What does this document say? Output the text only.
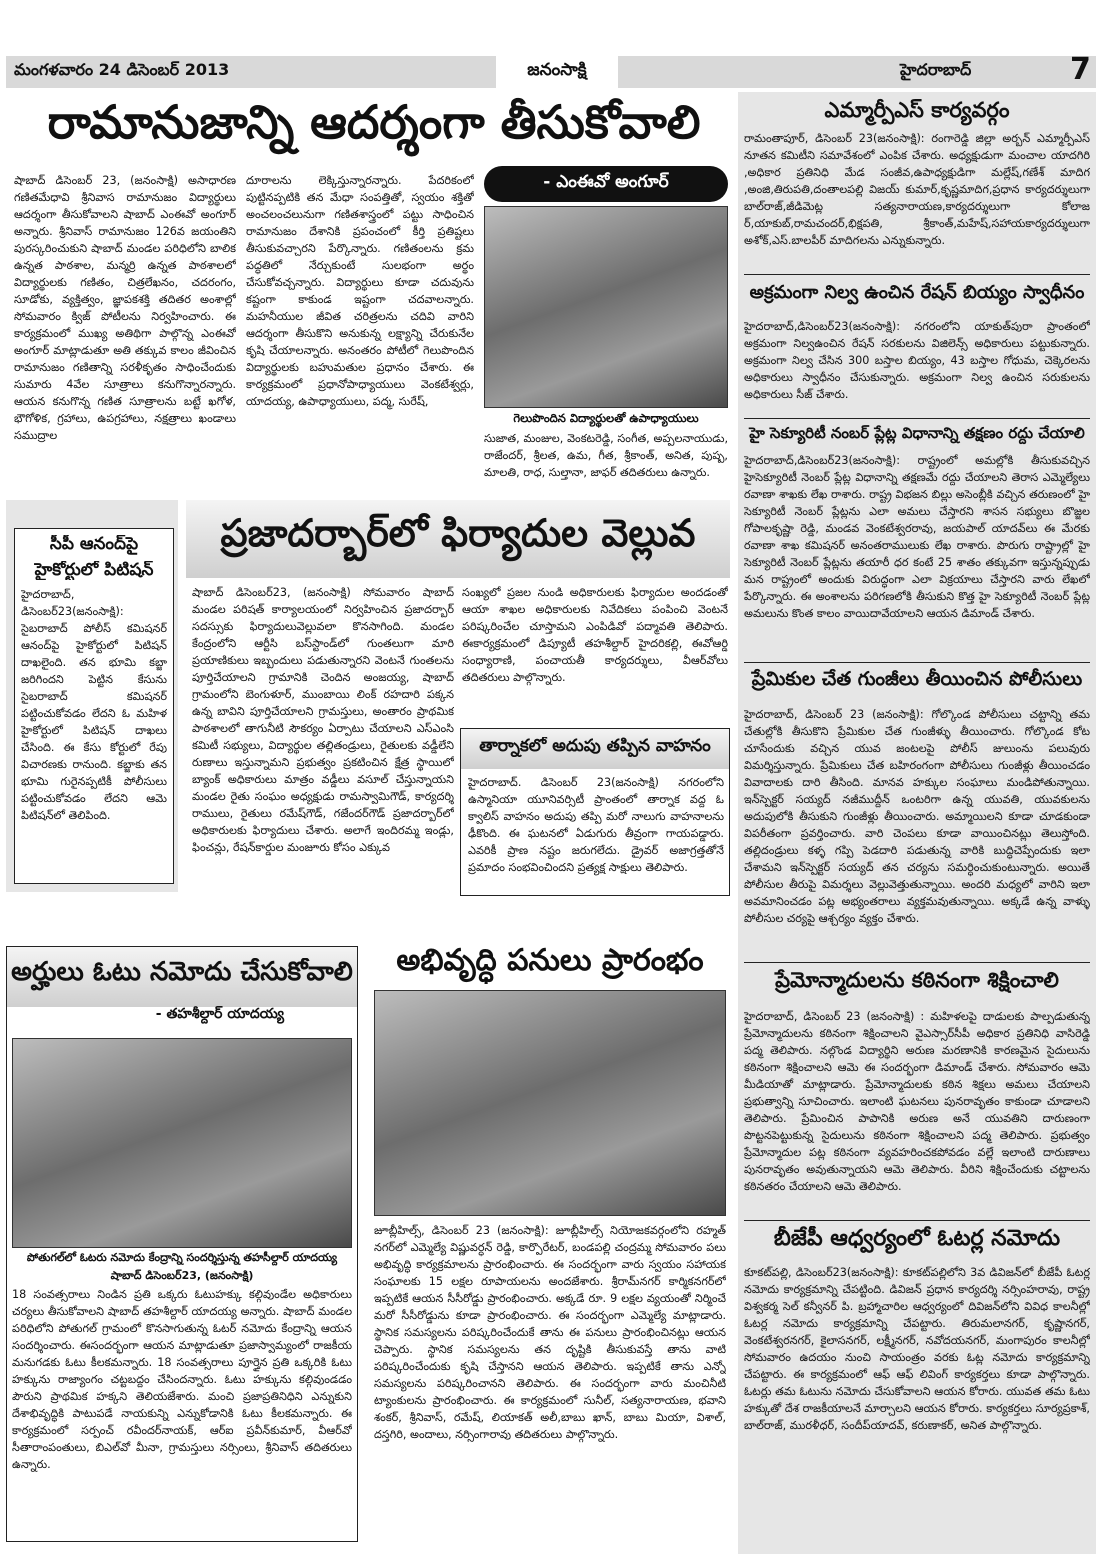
మంగళవారం 24 డిసెంబర్ 2013	జనంసాక్షి	హైదరాబాద్	7
రామానుజాన్ని ఆదర్శంగా తీసుకోవాలి
- ఎంఈవో అంగూర్
షాబాద్ డిసెంబర్ 23, (జనంసాక్షి) అసాధారణ గణితమేధావి శ్రీనివాస రామానుజం విద్యార్థులు ఆదర్శంగా తీసుకోవాలని షాబాద్ ఎంఈవో అంగూర్ అన్నారు. శ్రీనివాస్ రామానుజం 126వ జయంతిని పురస్కరించుకుని షాబాద్ మండల పరిధిలోని బాలిక ఉన్నత పాఠశాల, మన్మర్రి ఉన్నత పాఠశాలలో విద్యార్థులకు గణితం, చిత్రలేఖనం, చదరంగం, సూడోకు, వ్యక్తిత్వం, జ్ఞాపకశక్తి తదితర అంశాల్లో సోమవారం క్విజ్ పోటీలను నిర్వహించారు. ఈ కార్యక్రమంలో ముఖ్య అతిథిగా పాల్గొన్న ఎంఈవో అంగూర్ మాట్లాడుతూ అతి తక్కువ కాలం జీవించిన రామానుజం గణితాన్ని సరళీకృతం సాధించేందుకు సుమారు 4వేల సూత్రాలు కనుగొన్నారన్నారు. ఆయన కనుగొన్న గణిత సూత్రాలను బట్టే ఖగోళ, భౌగోళిక, గ్రహాలు, ఉపగ్రహాలు, నక్షత్రాలు ఖండాలు సముద్రాల
దూరాలను లెక్కిస్తున్నారన్నారు. పేదరికంలో పుట్టినప్పటికి తన మేధా సంపత్తితో, స్వయం శక్తితో అంచలంచలునుగా గణితశాస్త్రంలో పట్టు సాధించిన రామానుజం దేశానికి ప్రపంచంలో కీర్తి ప్రతిష్టలు తీసుకువచ్చారని పేర్కొన్నారు. గణితంలను క్రమ పద్ధతిలో నేర్చుకుంటే సులభంగా అర్థం చేసుకోవచ్చన్నారు. విద్యార్థులు కూడా చదువును కష్టంగా కాకుండ ఇష్టంగా చదవాలన్నారు. మహనీయుల జీవిత చరిత్రలను చదివి వారిని ఆదర్శంగా తీసుకొని అనుకున్న లక్ష్యాన్ని చేరుకునేల కృషి చేయాలన్నారు. అనంతరం పోటీలో గెలుపొందిన విద్యార్థులకు బహుమతుల ప్రధానం చేశారు. ఈ కార్యక్రమంలో ప్రధానోపాధ్యాయులు వెంకటేశ్వర్లు, యాదయ్య, ఉపాధ్యాయులు, పద్మ, సురేష్,
గెలుపొందిన విద్యార్థులతో ఉపాధ్యాయులు
సుజాత, మంజుల, వెంకటరెడ్డి, సంగీత, అప్పలనాయుడు, రాజేందర్, శ్రీలత, ఉమ, గీత, శ్రీకాంత్, అనిత, పుష్ప, మాలతి, రాధ, సుల్తానా, జాఫర్ తదితరులు ఉన్నారు.
సీపీ ఆనంద్‌పై
హైకోర్టులో పిటిషన్
హైదరాబాద్, డిసెంబర్23(జనంసాక్షి): సైబరాబాద్ పోలీస్ కమిషనర్ ఆనంద్‌పై హైకోర్టులో పిటిషన్ దాఖలైంది. తన భూమి కబ్జా జరిగిందని పెట్టిన కేసును సైబరాబాద్ కమిషనర్ పట్టించుకోవడం లేదని ఓ మహిళ హైకోర్టులో పిటిషన్ దాఖలు చేసింది. ఈ కేసు కోర్టులో రేపు విచారణకు రానుంది. కబ్జాకు తన భూమి గురైనప్పటికీ పోలీసులు పట్టించుకోవడం లేదని ఆమె పిటిషన్‌లో తెలిపింది.
ప్రజాదర్బార్‌లో ఫిర్యాదుల వెల్లువ
షాబాద్ డిసెంబర్23, (జనంసాక్షి) సోమవారం షాబాద్ మండల పరిషత్ కార్యాలయంలో నిర్వహించిన ప్రజాదర్బార్ సదస్సుకు ఫిర్యాదులువెల్లువలా కొనసాగింది. మండల కేంద్రంలోని ఆర్టీసి బస్‌స్టాండ్‌లో గుంతలుగా మారి ప్రయాణికులు ఇబ్బందులు పడుతున్నారని వెంటనే గుంతలను పూర్తిచేయాలని గ్రామానికి చెందిన అంజయ్య, షాబాద్ గ్రామంలోని బెంగుళూర్, ముంబాయి లింక్ రహదారి పక్కన ఉన్న బావిని పూర్తిచేయాలని గ్రామస్తులు, అంతారం ప్రాథమిక పాఠశాలలో తాగునీటి సౌకర్యం ఏర్పాటు చేయాలని ఎస్‌ఎంసి కమిటీ సభ్యులు, విద్యార్థుల తల్లితండ్రులు, రైతులకు వడ్డీలేని రుణాలు ఇస్తున్నామని ప్రభుత్వం ప్రకటించిన క్షేత్ర స్థాయిలో బ్యాంక్ అధికారులు మాత్రం వడ్డీలు వసూల్ చేస్తున్నాయని మండల రైతు సంఘం అధ్యక్షుడు రామస్వామిగౌడ్, కార్యదర్శి రాములు, రైతులు రమేష్‌గౌడ్, గజేందర్‌గౌడ్ ప్రజాదర్బార్‌లో అధికారులకు ఫిర్యాదులు చేశారు. అలాగే ఇందిరమ్మ ఇండ్లు, ఫించన్లు, రేషన్‌కార్డుల మంజూరు కోసం ఎక్కువ
సంఖ్యలో ప్రజల నుండి అధికారులకు ఫిర్యాదుల అందడంతో ఆయా శాఖల అధికారులకు నివేదికలు పంపించి వెంటనే పరిష్కరించేల చూస్తామని ఎంపిడివో పద్మావతి తెలిపారు. ఈకార్యక్రమంలో డిప్యూటీ తహశీల్దార్ హైదరికల్లి, ఈవోఆర్డి సంధ్యారాణి, పంచాయతీ కార్యదర్శులు, వీఆర్‌వోలు తదితరులు పాల్గొన్నారు.
తార్నాకలో అదుపు తప్పిన వాహనం
హైదరాబాద్. డిసెంబర్ 23(జనంసాక్షి) నగరంలోని ఉస్మానియా యూనివర్సిటీ ప్రాంతంలో తార్నాక వద్ద ఓ క్వాలిస్ వాహనం అదుపు తప్పి మరో నాలుగు వాహనాలను ఢీకొంది. ఈ ఘటనలో ఏడుగురు తీవ్రంగా గాయపడ్డారు. ఎవరికీ ప్రాణ నష్టం జరుగలేదు. డ్రైవర్ అజాగ్రత్తతోనే ప్రమాదం సంభవించిందని ప్రత్యక్ష సాక్షులు తెలిపారు.
అర్హులు ఓటు నమోదు చేసుకోవాలి
- తహశీల్దార్ యాదయ్య
పోతుగల్‌లో ఓటరు నమోదు కేంద్రాన్ని సందర్శిస్తున్న తహసీల్దార్ యాదయ్య
షాబాద్ డిసెంబర్23, (జనంసాక్షి)
18 సంవత్సరాలు నిండిన ప్రతి ఒక్కరు ఓటుహక్కు కల్గివుండేల అధికారులు చర్యలు తీసుకోవాలని షాబాద్ తహశీల్దార్ యాదయ్య అన్నారు. షాబాద్ మండల పరిధిలోని పోతుగల్ గ్రామంలో కొనసాగుతున్న ఓటర్ నమోదు కేంద్రాన్ని ఆయన సందర్శించారు. ఈసందర్భంగా ఆయన మాట్లాడుతూ ప్రజాస్వామ్యంలో రాజకీయ మనుగడకు ఓటు కీలకమన్నారు. 18 సంవత్సరాలు పూర్తైన ప్రతి ఒక్కరికి ఓటు హక్కును రాజ్యాంగం చట్టబద్దం చేసిందన్నారు. ఓటు హక్కును కల్గివుండడం పౌరుని ప్రాథమిక హక్కని తెలియజేశారు. మంచి ప్రజాప్రతినిధిని ఎన్నుకుని దేశాభివృద్ధికి పాటుపడే నాయకున్ని ఎన్నుకోడానికి ఓటు కీలకమన్నారు. ఈ కార్యక్రమంలో సర్పంచ్ రవీందర్‌నాయక్, ఆర్‌ఐ ప్రవీన్‌కుమార్, వీఆర్‌వో సీతారాంపంతులు, బిఎల్‌వో మీనా, గ్రామస్తులు నర్సింలు, శ్రీనివాస్ తదితరులు ఉన్నారు.
అభివృద్ధి పనులు ప్రారంభం
జూబ్లీహిల్స్, డిసెంబర్ 23 (జనంసాక్షి): జూబ్లీహిల్స్ నియోజకవర్గంలోని రహ్మత్ నగర్‌లో ఎమ్మెల్యే విష్ణువర్ధన్ రెడ్డి, కార్పొరేటర్, బండపల్లి చంద్రమ్మ సోమవారం పలు అభివృద్ధి కార్యక్రమాలను ప్రారంభించారు. ఈ సందర్భంగా వారు స్వయం సహాయక సంఘాలకు 15 లక్షల రూపాయలను అందజేశారు. శ్రీరామ్‌నగర్ కార్మికనగర్‌లో ఇప్పటికే ఆయన సీసీరోడ్డు ప్రారంభించారు. అక్కడే రూ. 9 లక్షల వ్యయంతో నిర్మించే మరో సీసీరోడ్డును కూడా ప్రారంభించారు. ఈ సందర్భంగా ఎమ్మెల్యే మాట్లాడారు. స్థానిక సమస్యలను పరిష్కరించేందుకే తాను ఈ పనులు ప్రారంభించినట్లు ఆయన చెప్పారు. స్థానిక సమస్యలను తన దృష్టికి తీసుకువస్తే తాను వాటి పరిష్కరించేందుకు కృషి చేస్తానని ఆయన తెలిపారు. ఇప్పటికే తాను ఎన్నో సమస్యలను పరిష్కరించానని తెలిపారు. ఈ సందర్భంగా వారు మంచినీటి ట్యాంకులను ప్రారంభించారు. ఈ కార్యక్రమంలో సునీల్, సత్యనారాయణ, భవాని శంకర్, శ్రీనివాస్, రమేష్, లియాకత్ అలీ,బాబు ఖాన్, బాబు మియా, విశాల్, దస్తగిరి, అందాలు, నర్సింగారావు తదితరులు పాల్గొన్నారు.
ఎమ్మార్పీఎస్ కార్యవర్గం
రామంతాపూర్, డిసెంబర్ 23(జనంసాక్షి): రంగారెడ్డి జిల్లా అర్బన్ ఎమ్మార్పీఎస్ నూతన కమిటీని సమావేశంలో ఎంపిక చేశారు. అధ్యక్షుడుగా మంచాల యాదగిరి ,అధికార ప్రతినిధి మేడ సంజీవ,ఉపాధ్యక్షుడిగా మల్లేష్,గణేశ్ మాదిగ ,అంజి,తిరుపతి,దంతాలపల్లి విజయ్ కుమార్,కృష్ణమాదిగ,ప్రధాన కార్యదర్శులుగా బాల్‌రాజ్,జీడిమెట్ల సత్యనారాయణ,కార్యదర్శులుగా కోలాజ ర్,యాకుబ్,రామచందర్,భిక్షపతి, శ్రీకాంత్,మహేష్,సహాయకార్యదర్శులుగా అశోక్,ఎస్.బాలపీర్ మాదిగలను ఎన్నుకున్నారు.
అక్రమంగా నిల్వ ఉంచిన రేషన్ బియ్యం స్వాధీనం
హైదరాబాద్,డిసెంబర్23(జనంసాక్షి): నగరంలోని యాకుత్‌పురా ప్రాంతంలో అక్రమంగా నిల్వఉంచిన రేషన్ సరకులను విజిలెన్స్ అధికారులు పట్టుకున్నారు. అక్రమంగా నిల్వ చేసిన 300 బస్తాల బియ్యం, 43 బస్తాల గోధుమ, చెక్కెరలను అధికారులు స్వాధీనం చేసుకున్నారు. అక్రమంగా నిల్వ ఉంచిన సరుకులను అధికారులు సీజ్ చేశారు.
హై సెక్యూరిటీ నంబర్ ప్లేట్ల విధానాన్ని తక్షణం రద్దు చేయాలి
హైదరాబాద్,డిసెంబర్23(జనంసాక్షి): రాష్ట్రంలో అమల్లోకి తీసుకువచ్చిన హైసెక్యూరిటీ నెంబర్ ప్లేట్ల విధానాన్ని తక్షణమే రద్దు చేయాలని తెరాస ఎమ్మెల్యేలు రవాణా శాఖకు లేఖ రాశారు. రాష్ట్ర విభజన బిల్లు అసెంబ్లీకి వచ్చిన తరుణంలో హై సెక్యూరిటీ నెంబర్ ప్లేట్లను ఎలా అమలు చేస్తారని శాసన సభ్యులు బొజ్జల గోపాలకృష్ణా రెడ్డి, మండవ వెంకటేశ్వరరావు, జయపాల్ యాదవ్‌లు ఈ మేరకు రవాణా శాఖ కమిషనర్ అనంతరాములుకు లేఖ రాశారు. పొరుగు రాష్ట్రాల్లో హై సెక్యూరిటీ నెంబర్ ప్లేట్లను తయారీ ధర కంటే 25 శాతం తక్కువగా ఇస్తున్నప్పుడు మన రాష్ట్రంలో అందుకు విరుద్ధంగా ఎలా విక్రయాలు చేస్తారని వారు లేఖలో పేర్కొన్నారు. ఈ అంశాలను పరిగణలోకి తీసుకుని కొత్త హై సెక్యూరిటీ నెంబర్ ప్లేట్ల అమలును కొంత కాలం వాయిదావేయాలని ఆయన డిమాండ్ చేశారు.
ప్రేమికుల చేత గుంజీలు తీయించిన పోలీసులు
హైదరాబాద్, డిసెంబర్ 23 (జనంసాక్షి): గోల్కొండ పోలీసులు చట్టాన్ని తమ చేతుల్లోకి తీసుకొని ప్రేమికుల చేత గుంజీళ్ళు తీయించారు. గోల్కొండ కోట చూసేందుకు వచ్చిన యువ జంటలపై పోలీస్ జులుంను పలువురు విమర్శిస్తున్నారు. ప్రేమికులు చేత బహిరంగంగా పోలీసులు గుంజీళ్లు తీయించడం వివాదాలకు దారి తీసింది. మానవ హక్కుల సంఘాలు మండిపోతున్నాయి. ఇన్‌స్పెక్టర్ సయ్యద్ నజీముద్దీన్ ఒంటరిగా ఉన్న యువతి, యువకులను అదుపులోకి తీసుకుని గుంజీళ్లు తీయించారు. అమ్మాయిలని కూడా చూడకుండా విపరీతంగా ప్రవర్తించారు. వారి చెంపలు కూడా వాయించినట్లు తెలుస్తోంది. తల్లిదండ్రులు కళ్ళ గప్పి పెడదారి పడుతున్న వారికి బుద్ధిచెప్పేందుకు ఇలా చేశామని ఇన్‌స్పెక్టర్ సయ్యద్ తన చర్యను సమర్ధించుకుంటున్నారు. అయితే పోలీసుల తీరుపై విమర్శలు వెల్లువెత్తుతున్నాయి. అందరి మధ్యలో వారిని ఇలా అవమానించడం పట్ల అభ్యంతరాలు వ్యక్తమవుతున్నాయి. అక్కడే ఉన్న వాళ్ళు పోలీసుల చర్యపై ఆశ్చర్యం వ్యక్తం చేశారు.
ప్రేమోన్మాదులను కఠినంగా శిక్షించాలి
హైదరాబాద్, డిసెంబర్ 23 (జనంసాక్షి) : మహిళలపై దాడులకు పాల్పడుతున్న ప్రేమోన్మాదులను కఠినంగా శిక్షించాలని వైఎస్సార్‌సీపీ అధికార ప్రతినిధి వాసిరెడ్డి పద్మ తెలిపారు. నల్గొండ విద్యార్థిని అరుణ మరణానికి కారణమైన సైదులును కఠినంగా శిక్షించాలని ఆమె ఈ సందర్భంగా డిమాండ్ చేశారు. సోమవారం ఆమె మీడియాతో మాట్లాడారు. ప్రేమోన్మాదులకు కఠిన శిక్షలు అమలు చేయాలని ప్రభుత్వాన్ని సూచించారు. ఇలాంటి ఘటనలు పునరావృతం కాకుండా చూడాలని తెలిపారు. ప్రేమించిన పాపానికి అరుణ అనే యువతిని దారుణంగా పొట్టనపెట్టుకున్న సైదులును కఠినంగా శిక్షించాలని పద్మ తెలిపారు. ప్రభుత్వం ప్రేమోన్మాదుల పట్ల కఠినంగా వ్యవహరించకపోవడం వల్లే ఇలాంటి దారుణాలు పునరావృతం అవుతున్నాయని ఆమె తెలిపారు. వీరిని శిక్షించేందుకు చట్టాలను కఠినతరం చేయాలని ఆమె తెలిపారు.
బీజేపీ ఆధ్వర్యంలో ఓటర్ల నమోదు
కూకట్‌పల్లి, డిసెంబర్23(జనంసాక్షి): కూకట్‌పల్లిలోని 3వ డివిజన్‌లో బీజేపీ ఓటర్ల నమోదు కార్యక్రమాన్ని చేపట్టింది. డివిజన్ ప్రధాన కార్యదర్శి నర్సింహరావు, రాష్ట్ర విశ్వకర్మ సెల్ కన్వీనర్ పి. బ్రహ్మాచారిల ఆధ్వర్యంలో దివిజన్‌లోని వివిధ కాలనీల్లో ఓటర్ల నమోదు కార్యక్రమాన్ని చేపట్టారు. తిరుమలానగర్, కృష్ణానగర్, వెంకటేశ్వరనగర్, కైలాసనగర్, లక్ష్మీనగర్, నవోదయనగర్, మంగాపురం కాలనీల్లో సోమవారం ఉదయం నుంచి సాయంత్రం వరకు ఓట్ల నమోదు కార్యక్రమాన్ని చేపట్టారు. ఈ కార్యక్రమంలో ఆఫ్ ఆఫ్ లివింగ్ కార్యకర్తలు కూడా పాల్గొన్నారు. ఓటర్లు తమ ఓటును నమోదు చేసుకోవాలని ఆయన కోరారు. యువత తమ ఓటు హక్కుతో దేశ రాజకీయాలనే మార్చాలని ఆయన కోరారు. కార్యకర్తలు సూర్యప్రకాశ్, బాల్‌రాజ్, మురళీధర్, సందీప్‌యాదవ్, కరుణాకర్, అనిత పాల్గొన్నారు.
